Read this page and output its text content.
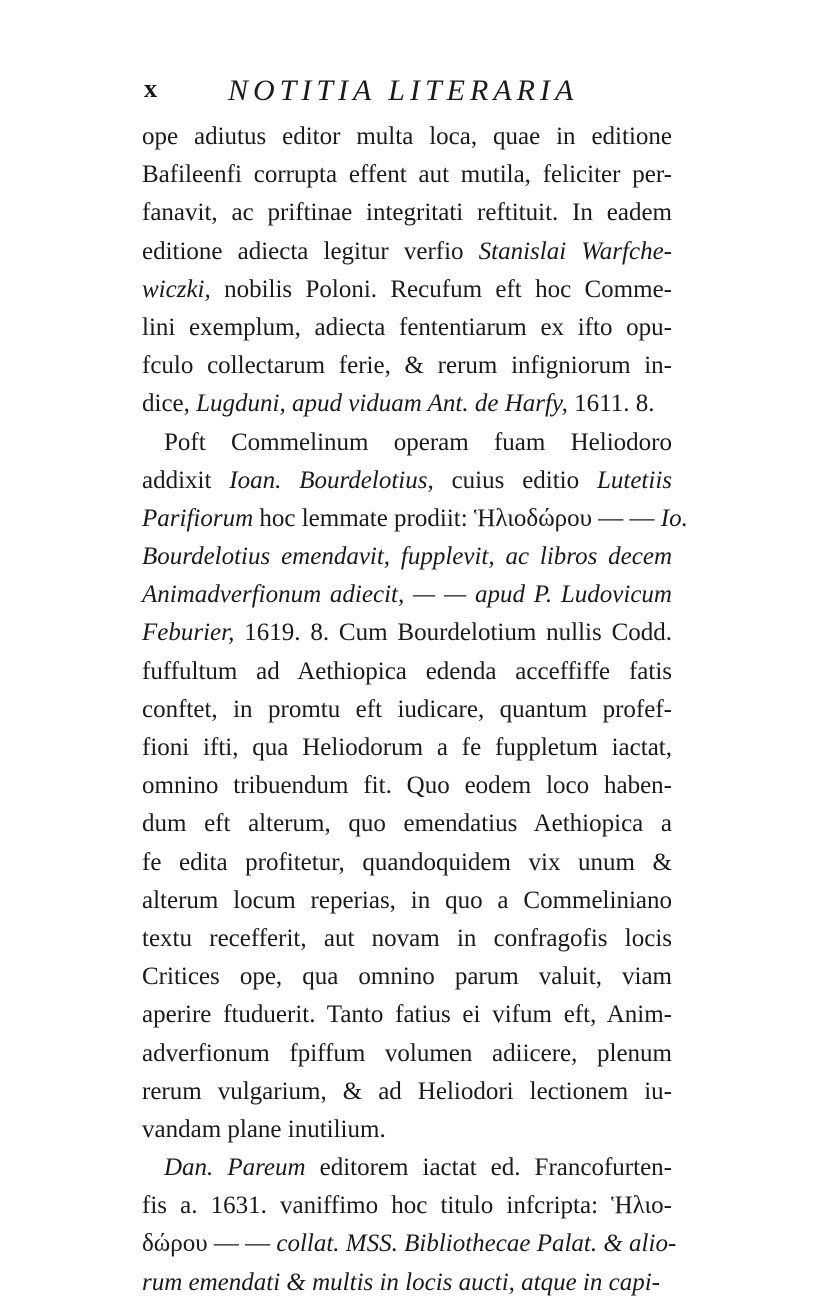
x NOTITIA LITERARIA
ope adiutus editor multa loca, quae in editione
Bafileenfi corrupta effent aut mutila, feliciter per-
fanavit, ac priftinae integritati reftituit. In eadem
editione adiecta legitur verfio Stanislai Warfche-
wiczki, nobilis Poloni. Recufum eft hoc Comme-
lini exemplum, adiecta fententiarum ex ifto opu-
fculo collectarum ferie, & rerum infigniorum in-
dice, Lugduni, apud viduam Ant. de Harfy, 1611. 8.
Poft Commelinum operam fuam Heliodoro
addixit Ioan. Bourdelotius, cuius editio Lutetiis
Parifiorum hoc lemmate prodiit: Ἡλιοδώρου — — Io.
Bourdelotius emendavit, fupplevit, ac libros decem
Animadverfionum adiecit, — — apud P. Ludovicum
Feburier, 1619. 8. Cum Bourdelotium nullis Codd.
fuffultum ad Aethiopica edenda acceffiffe fatis
conftet, in promtu eft iudicare, quantum profef-
fioni ifti, qua Heliodorum a fe fuppletum iactat,
omnino tribuendum fit. Quo eodem loco haben-
dum eft alterum, quo emendatius Aethiopica a
fe edita profitetur, quandoquidem vix unum &
alterum locum reperias, in quo a Commeliniano
textu recefferit, aut novam in confragofis locis
Critices ope, qua omnino parum valuit, viam
aperire ftuduerit. Tanto fatius ei vifum eft, Anim-
adverfionum fpiffum volumen adiicere, plenum
rerum vulgarium, & ad Heliodori lectionem iu-
vandam plane inutilium.
Dan. Pareum editorem iactat ed. Francofurten-
fis a. 1631. vaniffimo hoc titulo infcripta: Ἡλιο-
δώρου — — collat. MSS. Bibliothecae Palat. & alio-
rum emendati & multis in locis aucti, atque in capi-
